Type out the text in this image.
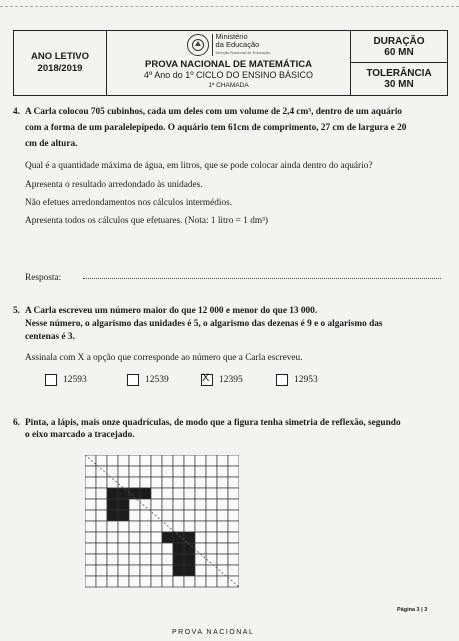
ANO LETIVO
2018/2019
Ministério
da Educação
Direção Nacional de Educação
PROVA NACIONAL DE MATEMÁTICA
4º Ano do 1º CICLO DO ENSINO BÁSICO
1ª CHAMADA
DURAÇÃO
60 MN
TOLERÂNCIA
30 MN
4. A Carla colocou 705 cubinhos, cada um deles com um volume de 2,4 cm³, dentro de um aquário
com a forma de um paralelepípedo. O aquário tem 61cm de comprimento, 27 cm de largura e 20
cm de altura.
Qual é a quantidade máxima de água, em litros, que se pode colocar ainda dentro do aquário?
Apresenta o resultado arredondado às unidades.
Não efetues arredondamentos nos cálculos intermédios.
Apresenta todos os cálculos que efetuares. (Nota: 1 litro = 1 dm³)
Resposta:
5. A Carla escreveu um número maior do que 12 000 e menor do que 13 000.
Nesse número, o algarismo das unidades é 5, o algarismo das dezenas é 9 e o algarismo das
centenas é 3.
Assinala com X a opção que corresponde ao número que a Carla escreveu.
12593	12539	X 12395	12953
6. Pinta, a lápis, mais onze quadrículas, de modo que a figura tenha simetria de reflexão, segundo
o eixo marcado a tracejado.
Página 3 | 3
PROVA NACIONAL
